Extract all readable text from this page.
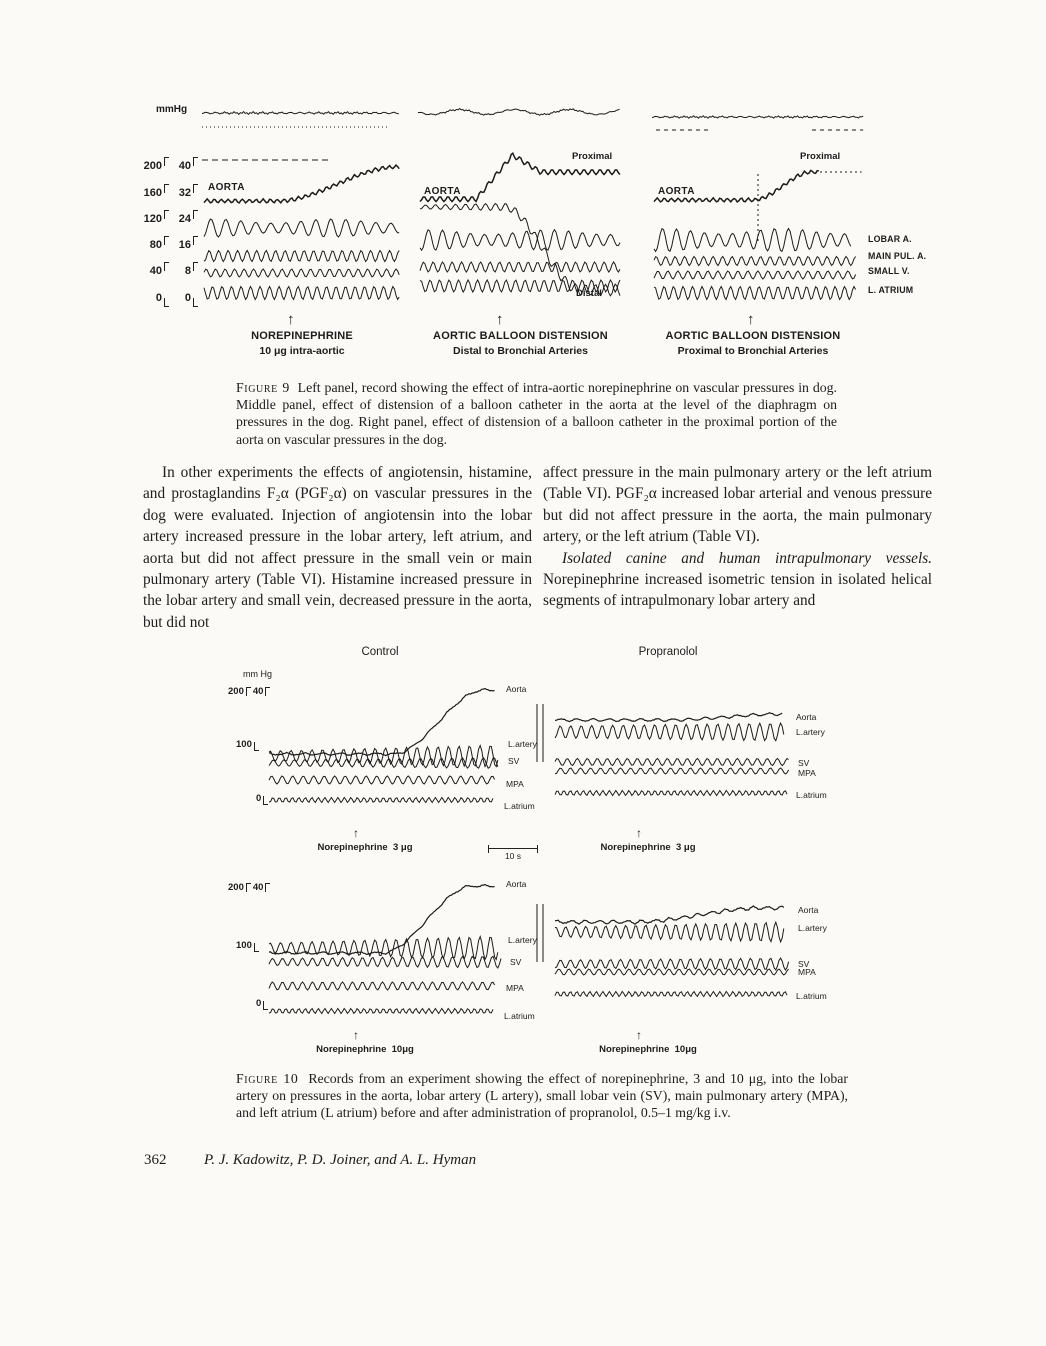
mmHg
200 40
160 32
120 24
80 16
40 8
0 0
AORTA	AORTA
Proximal
Distal
AORTA
Proximal
LOBAR A.
MAIN PUL. A.
SMALL V.
L. ATRIUM
↑	↑	↑
NOREPINEPHRINE
10 μg intra-aortic
AORTIC BALLOON DISTENSION
Distal to Bronchial Arteries
AORTIC BALLOON DISTENSION
Proximal to Bronchial Arteries
Figure 9 Left panel, record showing the effect of intra-aortic norepinephrine on vascular pressures in dog. Middle panel, effect of distension of a balloon catheter in the aorta at the level of the diaphragm on pressures in the dog. Right panel, effect of distension of a balloon catheter in the proximal portion of the aorta on vascular pressures in the dog.

In other experiments the effects of angiotensin, histamine, and prostaglandins F₂α (PGF₂α) on vascular pressures in the dog were evaluated. Injection of angiotensin into the lobar artery increased pressure in the lobar artery, left atrium, and aorta but did not affect pressure in the small vein or main pulmonary artery (Table VI). Histamine increased pressure in the lobar artery and small vein, decreased pressure in the aorta, but did not

affect pressure in the main pulmonary artery or the left atrium (Table VI). PGF₂α increased lobar arterial and venous pressure but did not affect pressure in the aorta, the main pulmonary artery, or the left atrium (Table VI).

Isolated canine and human intrapulmonary vessels. Norepinephrine increased isometric tension in isolated helical segments of intrapulmonary lobar artery and

Control	Propranolol
mm Hg
200 40
100
0
200 40
100
0
Aorta
L.artery
SV
MPA
L.atrium
Aorta
L.artery
SV
MPA
L.atrium
Aorta
L.artery
SV
MPA
L.atrium
Aorta
L.artery
SV
MPA
L.atrium
↑
Norepinephrine  3 μg
↑
Norepinephrine  3 μg
10 s
↑
Norepinephrine  10μg
↑
Norepinephrine  10μg
Figure 10 Records from an experiment showing the effect of norepinephrine, 3 and 10 μg, into the lobar artery on pressures in the aorta, lobar artery (L artery), small lobar vein (SV), main pulmonary artery (MPA), and left atrium (L atrium) before and after administration of propranolol, 0.5–1 mg/kg i.v.
362	P. J. Kadowitz, P. D. Joiner, and A. L. Hyman
